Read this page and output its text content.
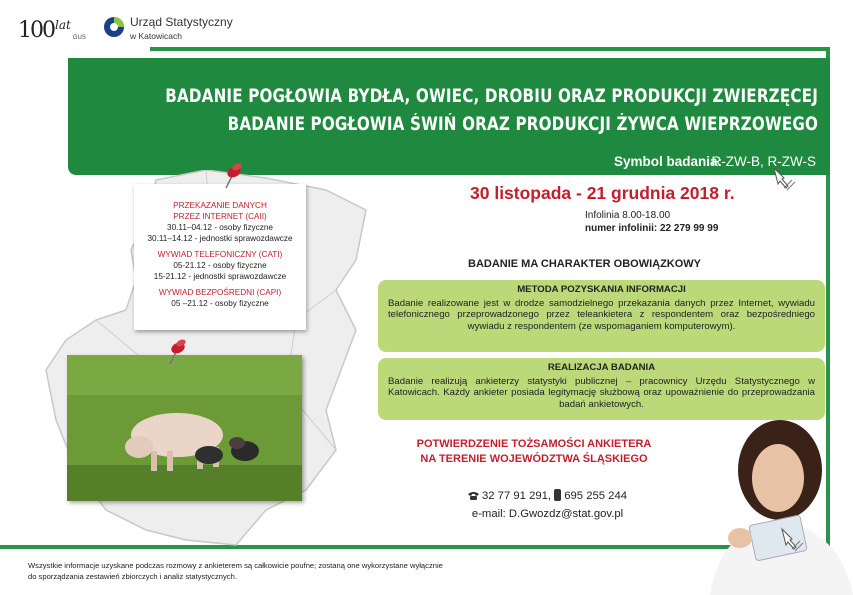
100 lat
GUS
Urząd Statystyczny
w Katowicach
BADANIE POGŁOWIA BYDŁA, OWIEC, DROBIU ORAZ PRODUKCJI ZWIERZĘCEJ
BADANIE POGŁOWIA ŚWIŃ ORAZ PRODUKCJI ŻYWCA WIEPRZOWEGO
Symbol badania:
R-ZW-B, R-ZW-S
PRZEKAZANIE DANYCH
PRZEZ INTERNET (CAII)
30.11–04.12 - osoby fizyczne
30.11–14.12 - jednostki sprawozdawcze
WYWIAD TELEFONICZNY (CATI)
05-21.12 - osoby fizyczne
15-21.12 - jednostki sprawozdawcze
WYWIAD BEZPOŚREDNI (CAPI)
05 –21.12 - osoby fizyczne
30 listopada - 21 grudnia 2018 r.
Infolinia 8.00-18.00
numer infolinii: 22 279 99 99
BADANIE MA CHARAKTER OBOWIĄZKOWY
METODA POZYSKANIA INFORMACJI
Badanie realizowane jest w drodze samodzielnego przekazania danych przez Internet, wywiadu telefonicznego przeprowadzonego przez teleankietera z respondentem oraz bezpośredniego wywiadu z respondentem (ze wspomaganiem komputerowym).
REALIZACJA BADANIA
Badanie realizują ankieterzy statystyki publicznej – pracownicy Urzędu Statystycznego w Katowicach. Każdy ankieter posiada legitymację służbową oraz upoważnienie do przeprowadzania badań ankietowych.
POTWIERDZENIE TOŻSAMOŚCI ANKIETERA
NA TERENIE WOJEWÓDZTWA ŚLĄSKIEGO
32 77 91 291, 695 255 244
e-mail: D.Gwozdz@stat.gov.pl
Wszystkie informacje uzyskane podczas rozmowy z ankieterem są całkowicie poufne; zostaną one wykorzystane wyłącznie
do sporządzania zestawień zbiorczych i analiz statystycznych.
